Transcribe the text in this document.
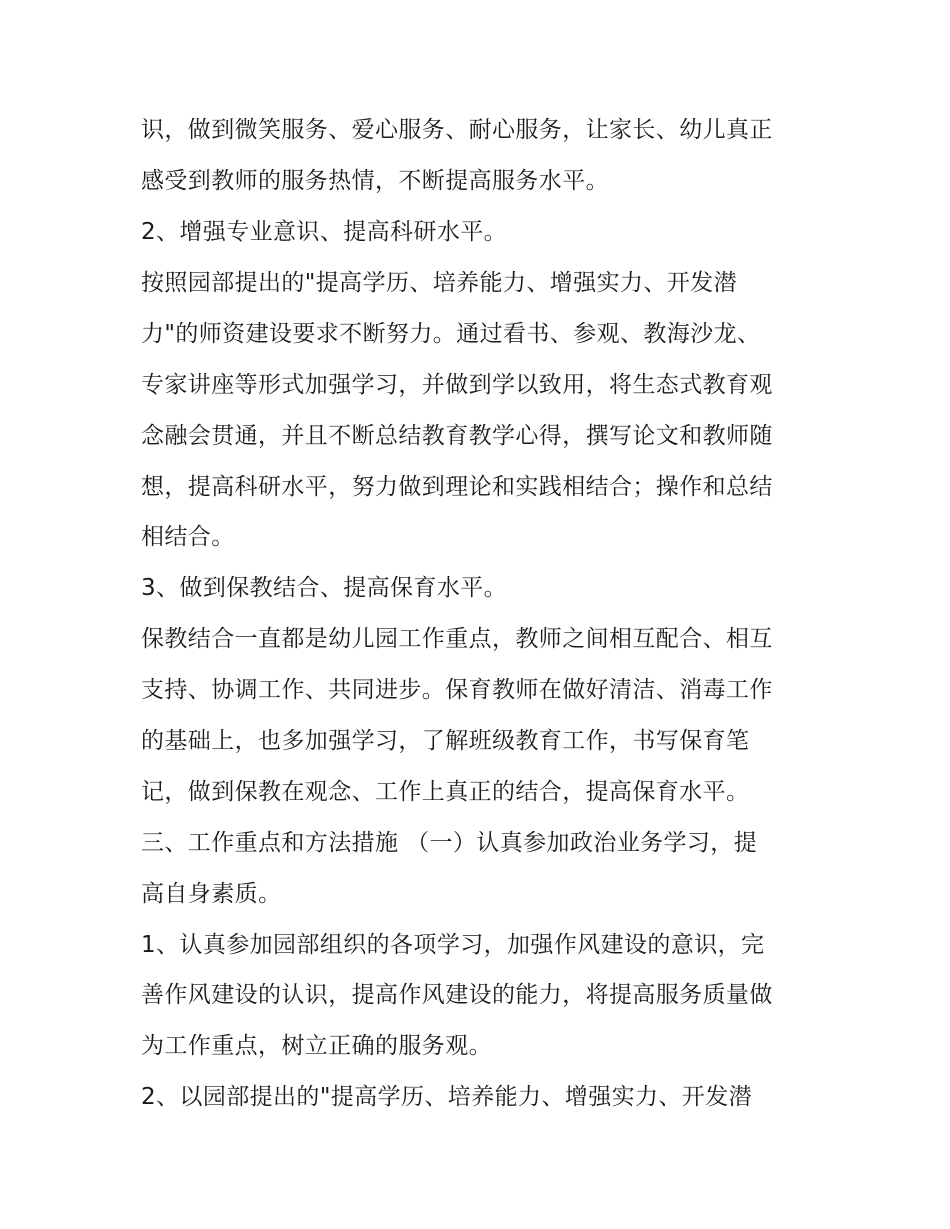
识，做到微笑服务、爱心服务、耐心服务，让家长、幼儿真正
感受到教师的服务热情，不断提高服务水平。
2、增强专业意识、提高科研水平。
按照园部提出的"提高学历、培养能力、增强实力、开发潜
力"的师资建设要求不断努力。通过看书、参观、教海沙龙、
专家讲座等形式加强学习，并做到学以致用，将生态式教育观
念融会贯通，并且不断总结教育教学心得，撰写论文和教师随
想，提高科研水平，努力做到理论和实践相结合；操作和总结
相结合。
3、做到保教结合、提高保育水平。
保教结合一直都是幼儿园工作重点，教师之间相互配合、相互
支持、协调工作、共同进步。保育教师在做好清洁、消毒工作
的基础上，也多加强学习，了解班级教育工作，书写保育笔
记，做到保教在观念、工作上真正的结合，提高保育水平。
三、工作重点和方法措施 （一）认真参加政治业务学习，提
高自身素质。
1、认真参加园部组织的各项学习，加强作风建设的意识，完
善作风建设的认识，提高作风建设的能力，将提高服务质量做
为工作重点，树立正确的服务观。
2、以园部提出的"提高学历、培养能力、增强实力、开发潜
